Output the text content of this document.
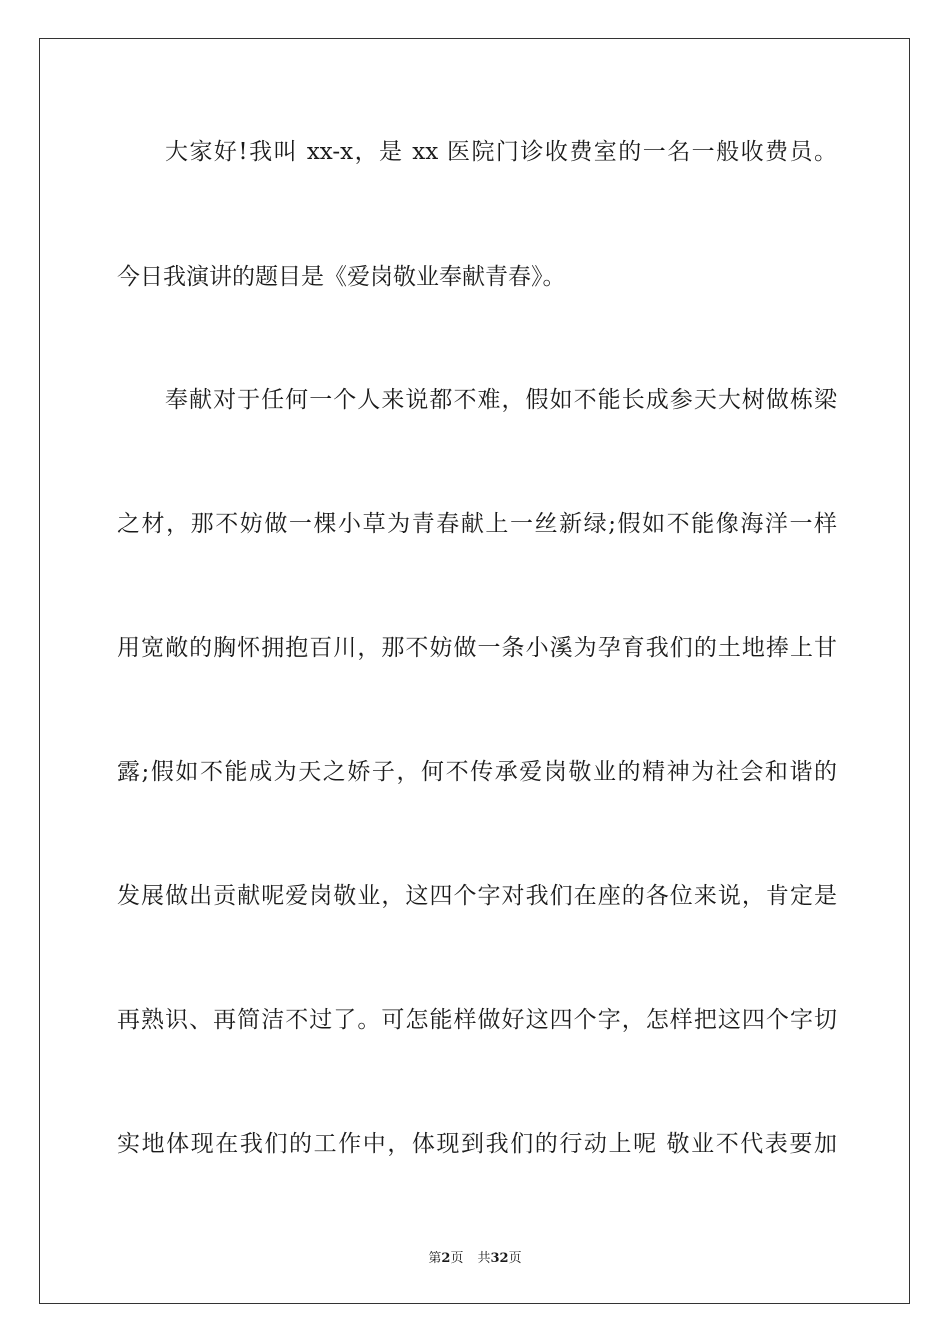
大家好!我叫 xx-x，是 xx 医院门诊收费室的一名一般收费员。
今日我演讲的题目是《爱岗敬业奉献青春》。
奉献对于任何一个人来说都不难，假如不能长成参天大树做栋梁
之材，那不妨做一棵小草为青春献上一丝新绿;假如不能像海洋一样
用宽敞的胸怀拥抱百川，那不妨做一条小溪为孕育我们的土地捧上甘
露;假如不能成为天之娇子，何不传承爱岗敬业的精神为社会和谐的
发展做出贡献呢爱岗敬业，这四个字对我们在座的各位来说，肯定是
再熟识、再简洁不过了。可怎能样做好这四个字，怎样把这四个字切
实地体现在我们的工作中，体现到我们的行动上呢 敬业不代表要加
第2页 共32页
